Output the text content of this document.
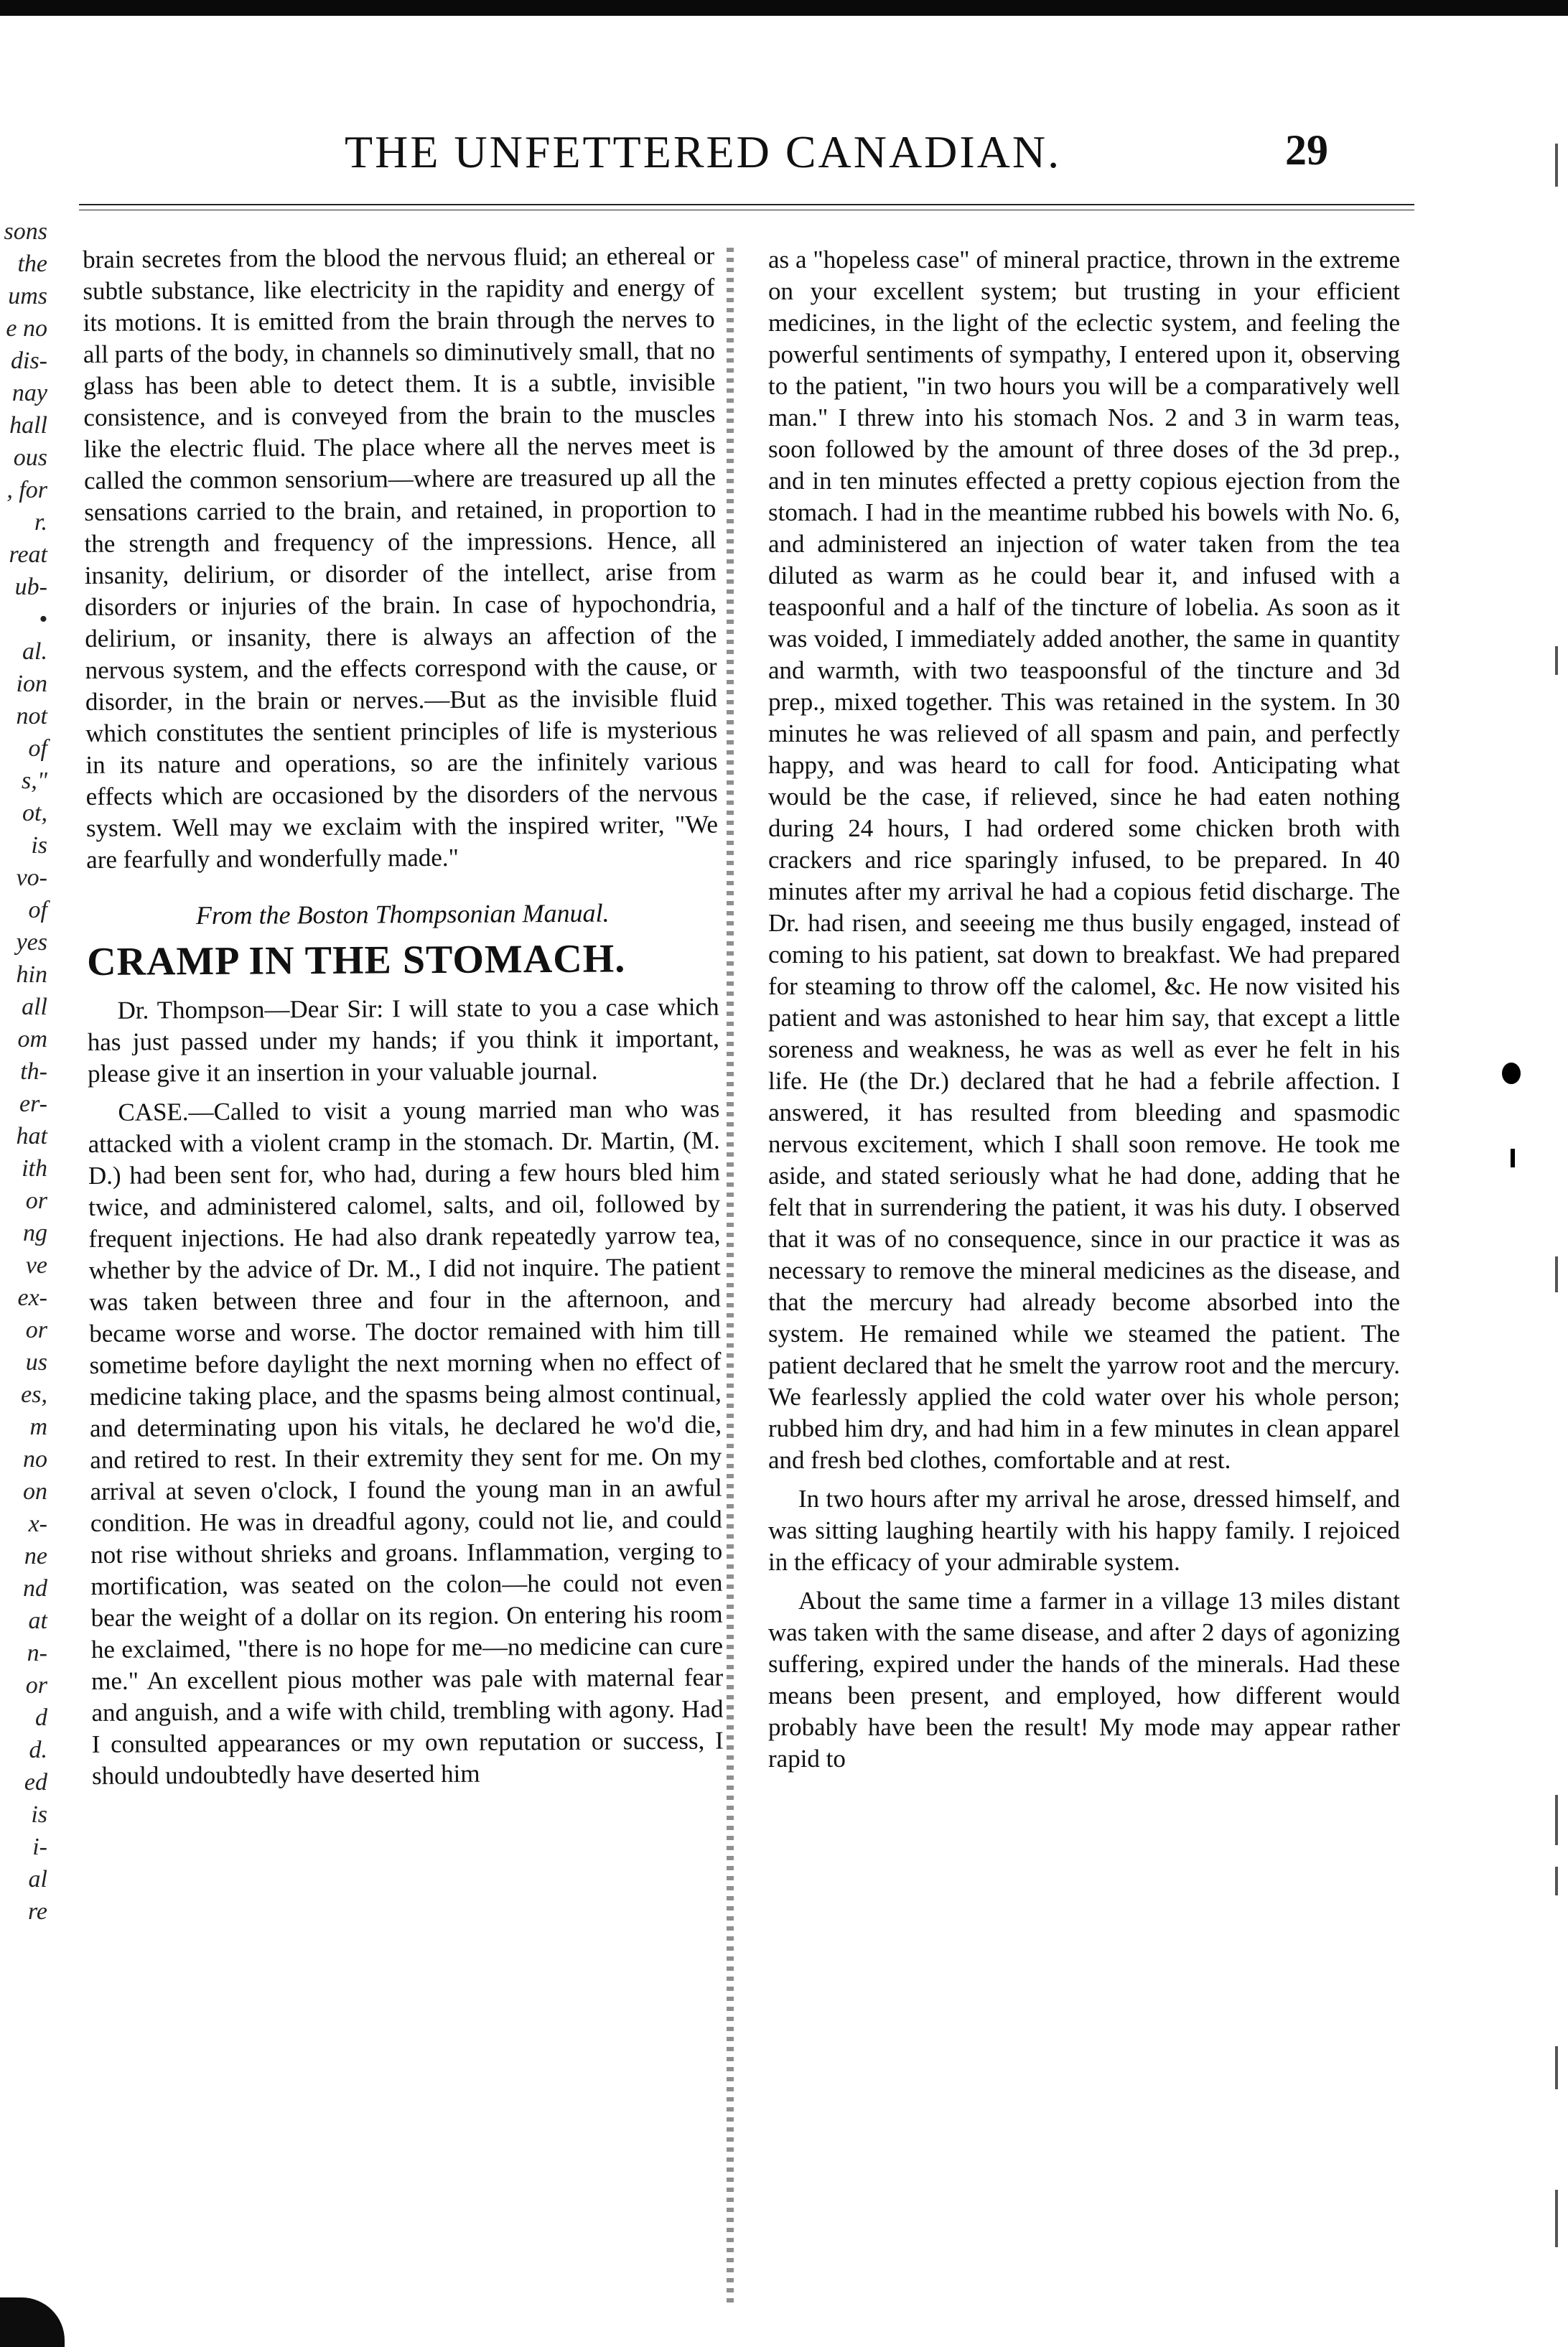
sons
the
ums
e no
dis-
nay
hall
ous
, for
r.
reat
ub-
•
al.
ion
not
of
s,"
ot,
is
vo-
of
yes
hin
all
om
th-
er-
hat
ith
or
ng
ve
ex-
or
us
es,
m
no
on
x-
ne
nd
at
n-
or
d
d.
ed
is
i-
al
re
THE UNFETTERED CANADIAN.	29

brain secretes from the blood the nervous fluid; an ethereal or subtle substance, like electricity in the rapidity and energy of its motions. It is emitted from the brain through the nerves to all parts of the body, in channels so diminutively small, that no glass has been able to detect them. It is a subtle, invisible consistence, and is conveyed from the brain to the muscles like the electric fluid. The place where all the nerves meet is called the common sensorium—where are treasured up all the sensations carried to the brain, and retained, in proportion to the strength and frequency of the impressions. Hence, all insanity, delirium, or disorder of the intellect, arise from disorders or injuries of the brain. In case of hypochondria, delirium, or insanity, there is always an affection of the nervous system, and the effects correspond with the cause, or disorder, in the brain or nerves.—But as the invisible fluid which constitutes the sentient principles of life is mysterious in its nature and operations, so are the infinitely various effects which are occasioned by the disorders of the nervous system. Well may we exclaim with the inspired writer, "We are fearfully and wonderfully made."

From the Boston Thompsonian Manual.

CRAMP IN THE STOMACH.

Dr. Thompson—Dear Sir: I will state to you a case which has just passed under my hands; if you think it important, please give it an insertion in your valuable journal.

CASE.—Called to visit a young married man who was attacked with a violent cramp in the stomach. Dr. Martin, (M. D.) had been sent for, who had, during a few hours bled him twice, and administered calomel, salts, and oil, followed by frequent injections. He had also drank repeatedly yarrow tea, whether by the advice of Dr. M., I did not inquire. The patient was taken between three and four in the afternoon, and became worse and worse. The doctor remained with him till sometime before daylight the next morning when no effect of medicine taking place, and the spasms being almost continual, and determinating upon his vitals, he declared he wo'd die, and retired to rest. In their extremity they sent for me. On my arrival at seven o'clock, I found the young man in an awful condition. He was in dreadful agony, could not lie, and could not rise without shrieks and groans. Inflammation, verging to mortification, was seated on the colon—he could not even bear the weight of a dollar on its region. On entering his room he exclaimed, "there is no hope for me—no medicine can cure me." An excellent pious mother was pale with maternal fear and anguish, and a wife with child, trembling with agony. Had I consulted appearances or my own reputation or success, I should undoubtedly have deserted him

as a "hopeless case" of mineral practice, thrown in the extreme on your excellent system; but trusting in your efficient medicines, in the light of the eclectic system, and feeling the powerful sentiments of sympathy, I entered upon it, observing to the patient, "in two hours you will be a comparatively well man." I threw into his stomach Nos. 2 and 3 in warm teas, soon followed by the amount of three doses of the 3d prep., and in ten minutes effected a pretty copious ejection from the stomach. I had in the meantime rubbed his bowels with No. 6, and administered an injection of water taken from the tea diluted as warm as he could bear it, and infused with a teaspoonful and a half of the tincture of lobelia. As soon as it was voided, I immediately added another, the same in quantity and warmth, with two teaspoonsful of the tincture and 3d prep., mixed together. This was retained in the system. In 30 minutes he was relieved of all spasm and pain, and perfectly happy, and was heard to call for food. Anticipating what would be the case, if relieved, since he had eaten nothing during 24 hours, I had ordered some chicken broth with crackers and rice sparingly infused, to be prepared. In 40 minutes after my arrival he had a copious fetid discharge. The Dr. had risen, and seeeing me thus busily engaged, instead of coming to his patient, sat down to breakfast. We had prepared for steaming to throw off the calomel, &c. He now visited his patient and was astonished to hear him say, that except a little soreness and weakness, he was as well as ever he felt in his life. He (the Dr.) declared that he had a febrile affection. I answered, it has resulted from bleeding and spasmodic nervous excitement, which I shall soon remove. He took me aside, and stated seriously what he had done, adding that he felt that in surrendering the patient, it was his duty. I observed that it was of no consequence, since in our practice it was as necessary to remove the mineral medicines as the disease, and that the mercury had already become absorbed into the system. He remained while we steamed the patient. The patient declared that he smelt the yarrow root and the mercury. We fearlessly applied the cold water over his whole person; rubbed him dry, and had him in a few minutes in clean apparel and fresh bed clothes, comfortable and at rest.

In two hours after my arrival he arose, dressed himself, and was sitting laughing heartily with his happy family. I rejoiced in the efficacy of your admirable system.

About the same time a farmer in a village 13 miles distant was taken with the same disease, and after 2 days of agonizing suffering, expired under the hands of the minerals. Had these means been present, and employed, how different would probably have been the result! My mode may appear rather rapid to
